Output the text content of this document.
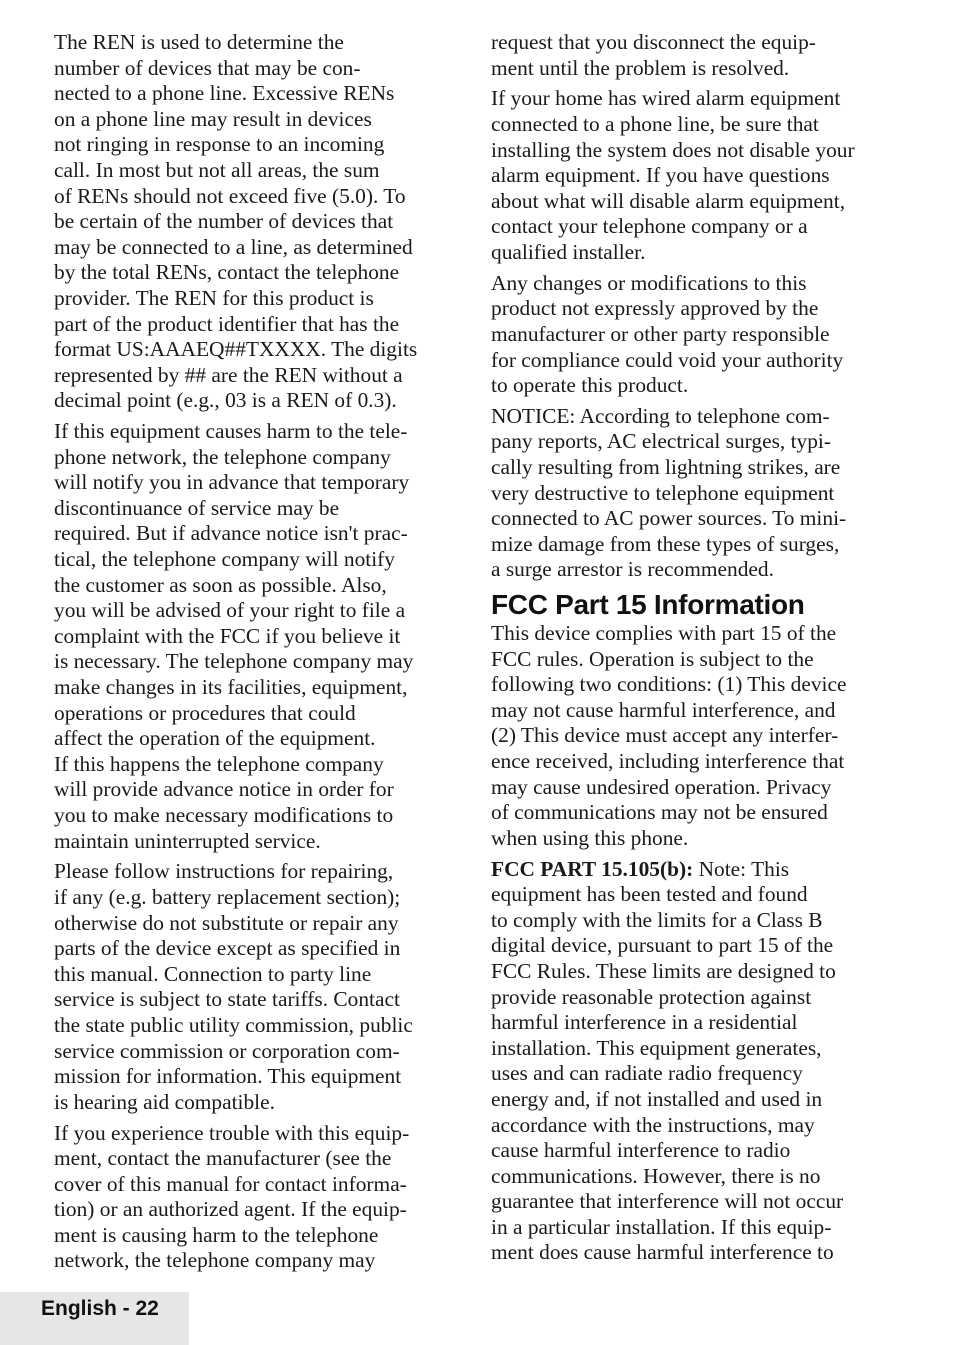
The REN is used to determine the
number of devices that may be con-
nected to a phone line. Excessive RENs
on a phone line may result in devices
not ringing in response to an incoming
call. In most but not all areas, the sum
of RENs should not exceed five (5.0). To
be certain of the number of devices that
may be connected to a line, as determined
by the total RENs, contact the telephone
provider. The REN for this product is
part of the product identifier that has the
format US:AAAEQ##TXXXX. The digits
represented by ## are the REN without a
decimal point (e.g., 03 is a REN of 0.3).
If this equipment causes harm to the tele-
phone network, the telephone company
will notify you in advance that temporary
discontinuance of service may be
required. But if advance notice isn't prac-
tical, the telephone company will notify
the customer as soon as possible. Also,
you will be advised of your right to file a
complaint with the FCC if you believe it
is necessary. The telephone company may
make changes in its facilities, equipment,
operations or procedures that could
affect the operation of the equipment.
If this happens the telephone company
will provide advance notice in order for
you to make necessary modifications to
maintain uninterrupted service.
Please follow instructions for repairing,
if any (e.g. battery replacement section);
otherwise do not substitute or repair any
parts of the device except as specified in
this manual. Connection to party line
service is subject to state tariffs. Contact
the state public utility commission, public
service commission or corporation com-
mission for information. This equipment
is hearing aid compatible.
If you experience trouble with this equip-
ment, contact the manufacturer (see the
cover of this manual for contact informa-
tion) or an authorized agent. If the equip-
ment is causing harm to the telephone
network, the telephone company may
request that you disconnect the equip-
ment until the problem is resolved.
If your home has wired alarm equipment
connected to a phone line, be sure that
installing the system does not disable your
alarm equipment. If you have questions
about what will disable alarm equipment,
contact your telephone company or a
qualified installer.
Any changes or modifications to this
product not expressly approved by the
manufacturer or other party responsible
for compliance could void your authority
to operate this product.
NOTICE: According to telephone com-
pany reports, AC electrical surges, typi-
cally resulting from lightning strikes, are
very destructive to telephone equipment
connected to AC power sources. To mini-
mize damage from these types of surges,
a surge arrestor is recommended.
FCC Part 15 Information
This device complies with part 15 of the
FCC rules. Operation is subject to the
following two conditions: (1) This device
may not cause harmful interference, and
(2) This device must accept any interfer-
ence received, including interference that
may cause undesired operation. Privacy
of communications may not be ensured
when using this phone.
FCC PART 15.105(b): Note: This
equipment has been tested and found
to comply with the limits for a Class B
digital device, pursuant to part 15 of the
FCC Rules. These limits are designed to
provide reasonable protection against
harmful interference in a residential
installation. This equipment generates,
uses and can radiate radio frequency
energy and, if not installed and used in
accordance with the instructions, may
cause harmful interference to radio
communications. However, there is no
guarantee that interference will not occur
in a particular installation. If this equip-
ment does cause harmful interference to
English - 22
